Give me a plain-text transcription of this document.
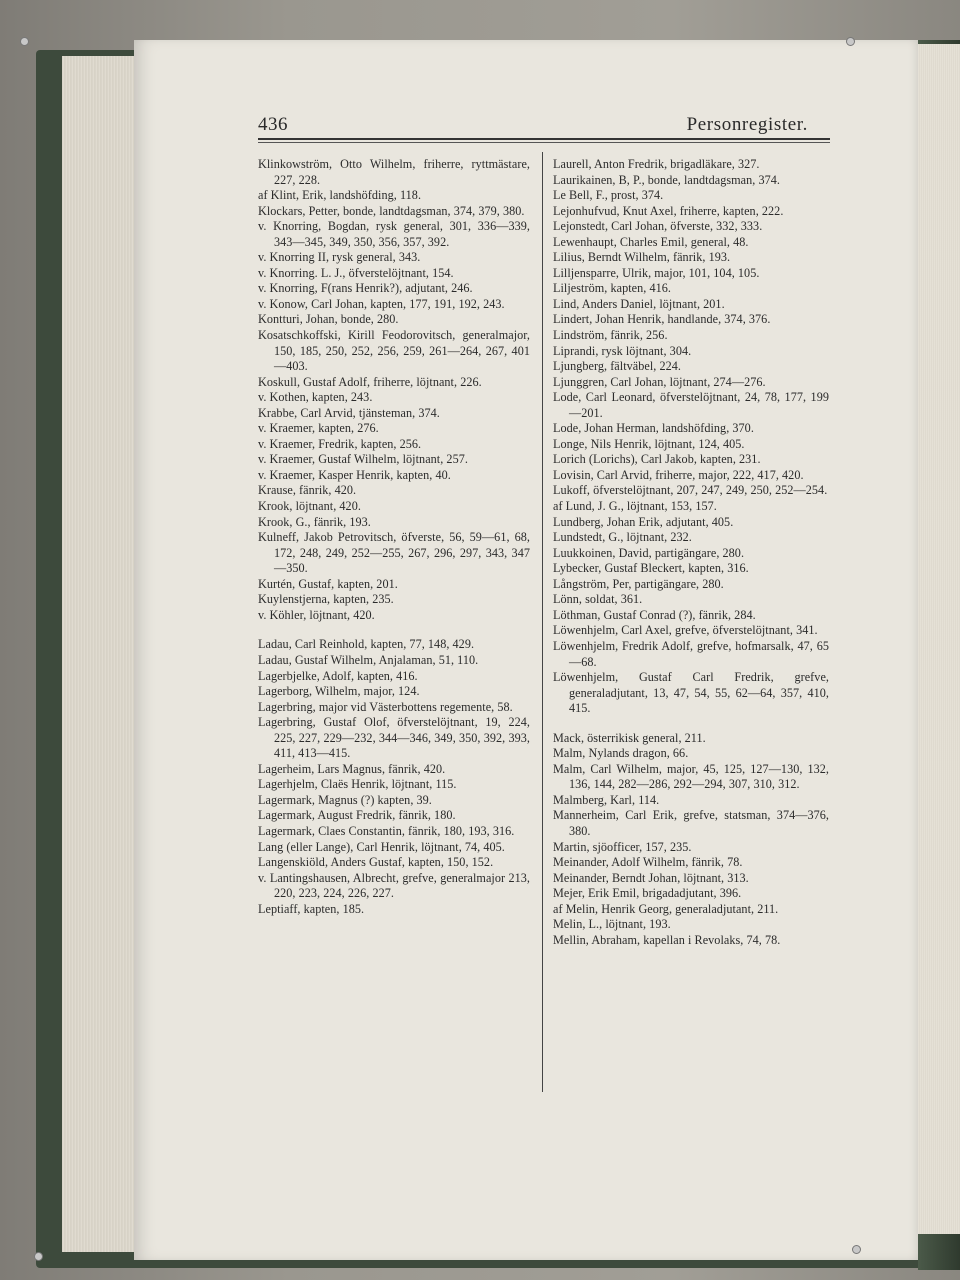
436	Personregister.

Klinkowström, Otto Wilhelm, friherre, ryttmästare, 227, 228.

af Klint, Erik, landshöfding, 118.

Klockars, Petter, bonde, landtdagsman, 374, 379, 380.

v. Knorring, Bogdan, rysk general, 301, 336—339, 343—345, 349, 350, 356, 357, 392.

v. Knorring II, rysk general, 343.

v. Knorring. L. J., öfverstelöjtnant, 154.

v. Knorring, F(rans Henrik?), adjutant, 246.

v. Konow, Carl Johan, kapten, 177, 191, 192, 243.

Kontturi, Johan, bonde, 280.

Kosatschkoffski, Kirill Feodorovitsch, generalmajor, 150, 185, 250, 252, 256, 259, 261—264, 267, 401—403.

Koskull, Gustaf Adolf, friherre, löjtnant, 226.

v. Kothen, kapten, 243.

Krabbe, Carl Arvid, tjänsteman, 374.

v. Kraemer, kapten, 276.

v. Kraemer, Fredrik, kapten, 256.

v. Kraemer, Gustaf Wilhelm, löjtnant, 257.

v. Kraemer, Kasper Henrik, kapten, 40.

Krause, fänrik, 420.

Krook, löjtnant, 420.

Krook, G., fänrik, 193.

Kulneff, Jakob Petrovitsch, öfverste, 56, 59—61, 68, 172, 248, 249, 252—255, 267, 296, 297, 343, 347—350.

Kurtén, Gustaf, kapten, 201.

Kuylenstjerna, kapten, 235.

v. Köhler, löjtnant, 420.

Ladau, Carl Reinhold, kapten, 77, 148, 429.

Ladau, Gustaf Wilhelm, Anjalaman, 51, 110.

Lagerbjelke, Adolf, kapten, 416.

Lagerborg, Wilhelm, major, 124.

Lagerbring, major vid Västerbottens regemente, 58.

Lagerbring, Gustaf Olof, öfverstelöjtnant, 19, 224, 225, 227, 229—232, 344—346, 349, 350, 392, 393, 411, 413—415.

Lagerheim, Lars Magnus, fänrik, 420.

Lagerhjelm, Claës Henrik, löjtnant, 115.

Lagermark, Magnus (?) kapten, 39.

Lagermark, August Fredrik, fänrik, 180.

Lagermark, Claes Constantin, fänrik, 180, 193, 316.

Lang (eller Lange), Carl Henrik, löjtnant, 74, 405.

Langenskiöld, Anders Gustaf, kapten, 150, 152.

v. Lantingshausen, Albrecht, grefve, generalmajor 213, 220, 223, 224, 226, 227.

Leptiaff, kapten, 185.

Laurell, Anton Fredrik, brigadläkare, 327.

Laurikainen, B, P., bonde, landtdagsman, 374.

Le Bell, F., prost, 374.

Lejonhufvud, Knut Axel, friherre, kapten, 222.

Lejonstedt, Carl Johan, öfverste, 332, 333.

Lewenhaupt, Charles Emil, general, 48.

Lilius, Berndt Wilhelm, fänrik, 193.

Lilljensparre, Ulrik, major, 101, 104, 105.

Liljeström, kapten, 416.

Lind, Anders Daniel, löjtnant, 201.

Lindert, Johan Henrik, handlande, 374, 376.

Lindström, fänrik, 256.

Liprandi, rysk löjtnant, 304.

Ljungberg, fältväbel, 224.

Ljunggren, Carl Johan, löjtnant, 274—276.

Lode, Carl Leonard, öfverstelöjtnant, 24, 78, 177, 199—201.

Lode, Johan Herman, landshöfding, 370.

Longe, Nils Henrik, löjtnant, 124, 405.

Lorich (Lorichs), Carl Jakob, kapten, 231.

Lovisin, Carl Arvid, friherre, major, 222, 417, 420.

Lukoff, öfverstelöjtnant, 207, 247, 249, 250, 252—254.

af Lund, J. G., löjtnant, 153, 157.

Lundberg, Johan Erik, adjutant, 405.

Lundstedt, G., löjtnant, 232.

Luukkoinen, David, partigängare, 280.

Lybecker, Gustaf Bleckert, kapten, 316.

Långström, Per, partigängare, 280.

Lönn, soldat, 361.

Löthman, Gustaf Conrad (?), fänrik, 284.

Löwenhjelm, Carl Axel, grefve, öfverstelöjtnant, 341.

Löwenhjelm, Fredrik Adolf, grefve, hofmarsalk, 47, 65—68.

Löwenhjelm, Gustaf Carl Fredrik, grefve, generaladjutant, 13, 47, 54, 55, 62—64, 357, 410, 415.

Mack, österrikisk general, 211.

Malm, Nylands dragon, 66.

Malm, Carl Wilhelm, major, 45, 125, 127—130, 132, 136, 144, 282—286, 292—294, 307, 310, 312.

Malmberg, Karl, 114.

Mannerheim, Carl Erik, grefve, statsman, 374—376, 380.

Martin, sjöofficer, 157, 235.

Meinander, Adolf Wilhelm, fänrik, 78.

Meinander, Berndt Johan, löjtnant, 313.

Mejer, Erik Emil, brigadadjutant, 396.

af Melin, Henrik Georg, generaladjutant, 211.

Melin, L., löjtnant, 193.

Mellin, Abraham, kapellan i Revolaks, 74, 78.
